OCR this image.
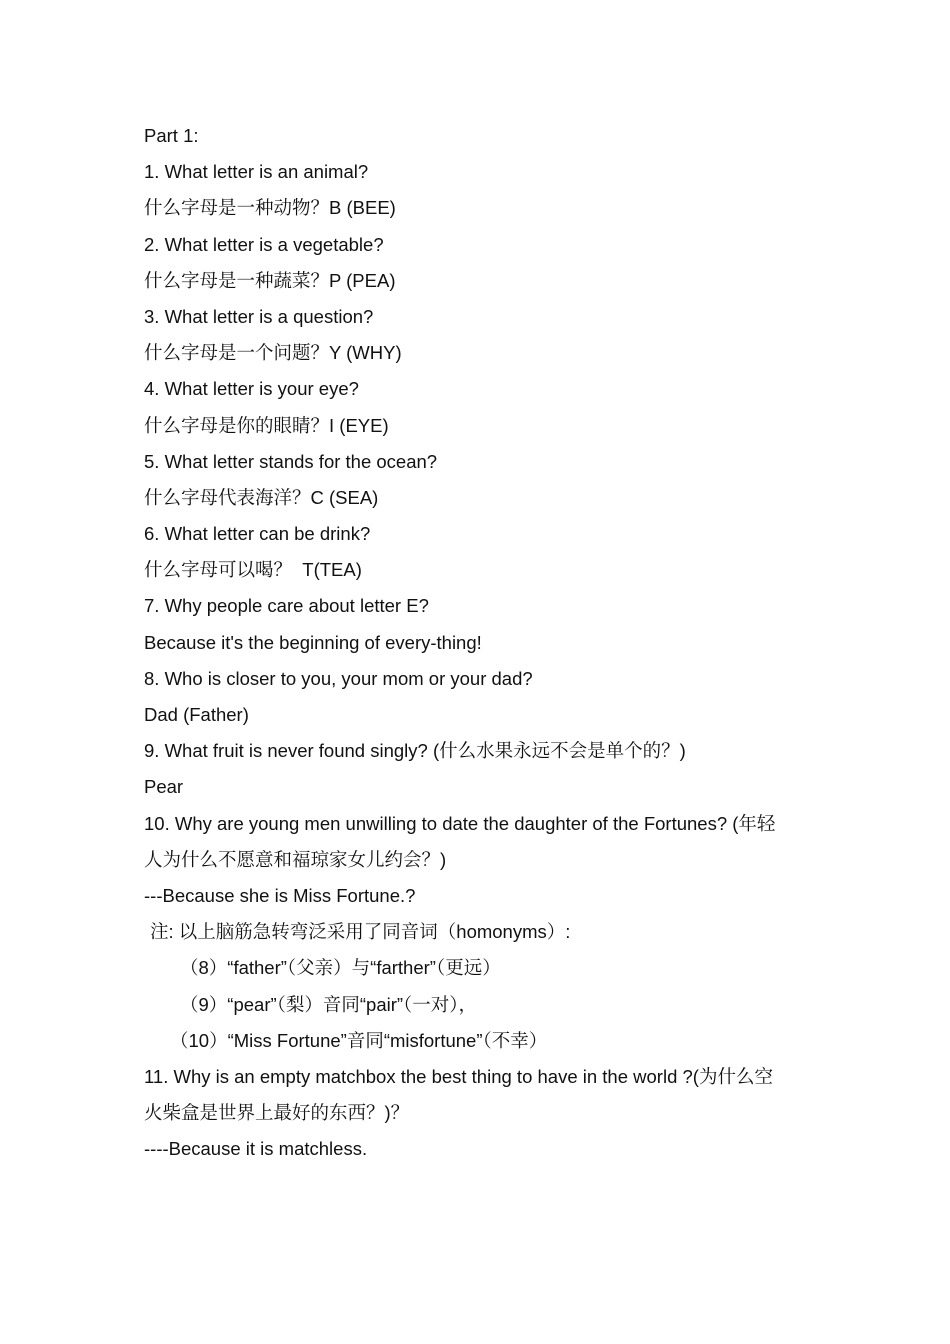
Part 1:
1. What letter is an animal?
什么字母是一种动物？B (BEE)
2. What letter is a vegetable?
什么字母是一种蔬菜？P (PEA)
3. What letter is a question?
什么字母是一个问题？Y (WHY)
4. What letter is your eye?
什么字母是你的眼睛？I (EYE)
5. What letter stands for the ocean?
什么字母代表海洋？C (SEA)
6. What letter can be drink?
什么字母可以喝？  T(TEA)
7. Why people care about letter E?
Because it's the beginning of every-thing!
8. Who is closer to you, your mom or your dad?
Dad (Father)
9. What fruit is never found singly? (什么水果永远不会是单个的？)
Pear
10. Why are young men unwilling to date the daughter of the Fortunes? (年轻
人为什么不愿意和福琼家女儿约会？)
---Because she is Miss Fortune.?
注: 以上脑筋急转弯泛采用了同音词（homonyms）:
（8）“father”（父亲）与“farther”（更远）
（9）“pear”（梨）音同“pair”（一对），
（10）“Miss Fortune”音同“misfortune”（不幸）
11. Why is an empty matchbox the best thing to have in the world ?(为什么空
火柴盒是世界上最好的东西？)？
----Because it is matchless.
